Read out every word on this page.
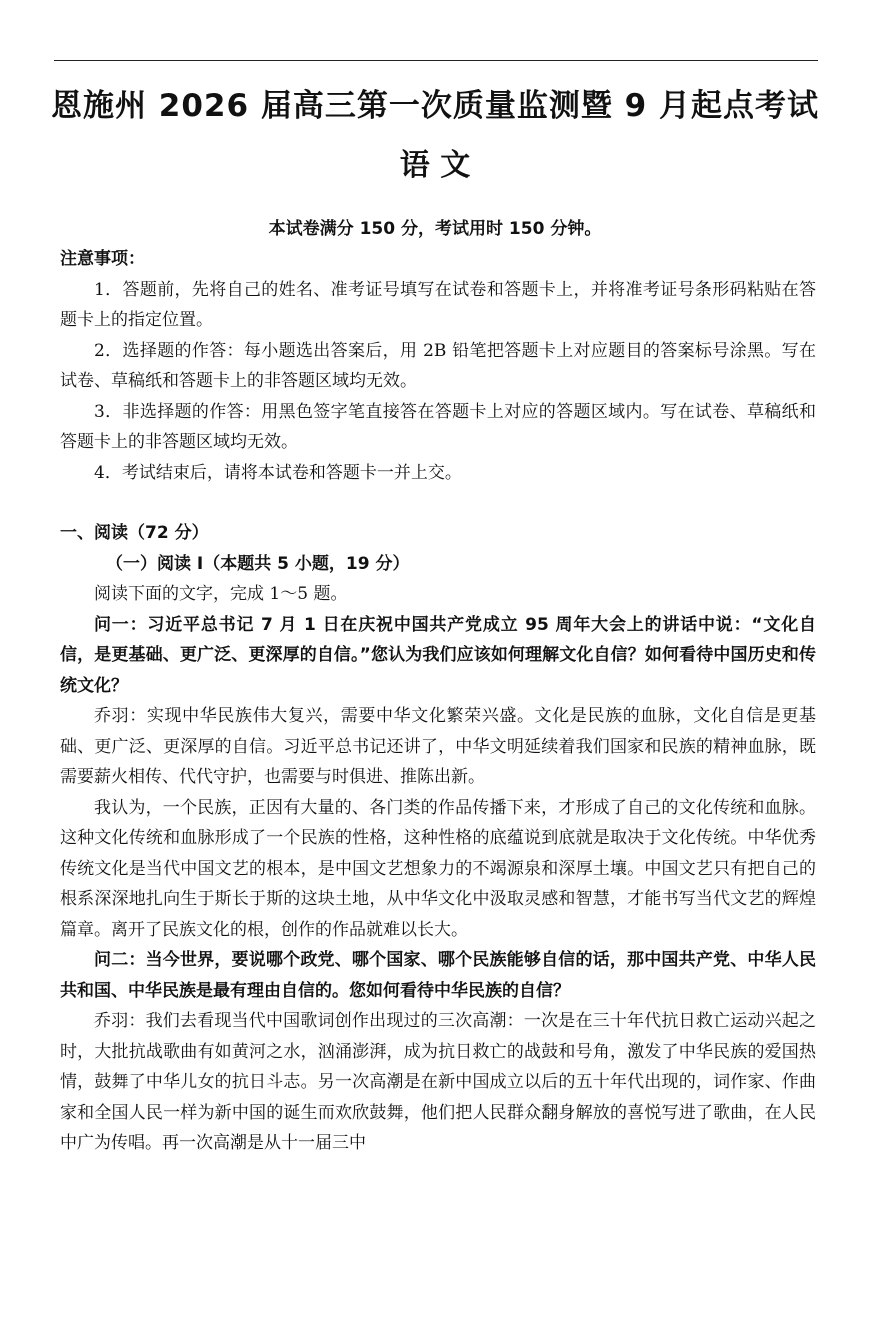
恩施州 2026 届高三第一次质量监测暨 9 月起点考试
语 文
本试卷满分 150 分，考试用时 150 分钟。

注意事项：

1．答题前，先将自己的姓名、准考证号填写在试卷和答题卡上，并将准考证号条形码粘贴在答题卡上的指定位置。

2．选择题的作答：每小题选出答案后，用 2B 铅笔把答题卡上对应题目的答案标号涂黑。写在试卷、草稿纸和答题卡上的非答题区域均无效。

3．非选择题的作答：用黑色签字笔直接答在答题卡上对应的答题区域内。写在试卷、草稿纸和答题卡上的非答题区域均无效。

4．考试结束后，请将本试卷和答题卡一并上交。

一、阅读（72 分）

（一）阅读 I（本题共 5 小题，19 分）

阅读下面的文字，完成 1～5 题。

问一：习近平总书记 7 月 1 日在庆祝中国共产党成立 95 周年大会上的讲话中说：“文化自信，是更基础、更广泛、更深厚的自信。”您认为我们应该如何理解文化自信？如何看待中国历史和传统文化？

乔羽：实现中华民族伟大复兴，需要中华文化繁荣兴盛。文化是民族的血脉，文化自信是更基础、更广泛、更深厚的自信。习近平总书记还讲了，中华文明延续着我们国家和民族的精神血脉，既需要薪火相传、代代守护，也需要与时俱进、推陈出新。

我认为，一个民族，正因有大量的、各门类的作品传播下来，才形成了自己的文化传统和血脉。这种文化传统和血脉形成了一个民族的性格，这种性格的底蕴说到底就是取决于文化传统。中华优秀传统文化是当代中国文艺的根本，是中国文艺想象力的不竭源泉和深厚土壤。中国文艺只有把自己的根系深深地扎向生于斯长于斯的这块土地，从中华文化中汲取灵感和智慧，才能书写当代文艺的辉煌篇章。离开了民族文化的根，创作的作品就难以长大。

问二：当今世界，要说哪个政党、哪个国家、哪个民族能够自信的话，那中国共产党、中华人民共和国、中华民族是最有理由自信的。您如何看待中华民族的自信？

乔羽：我们去看现当代中国歌词创作出现过的三次高潮：一次是在三十年代抗日救亡运动兴起之时，大批抗战歌曲有如黄河之水，汹涌澎湃，成为抗日救亡的战鼓和号角，激发了中华民族的爱国热情，鼓舞了中华儿女的抗日斗志。另一次高潮是在新中国成立以后的五十年代出现的，词作家、作曲家和全国人民一样为新中国的诞生而欢欣鼓舞，他们把人民群众翻身解放的喜悦写进了歌曲，在人民中广为传唱。再一次高潮是从十一届三中
